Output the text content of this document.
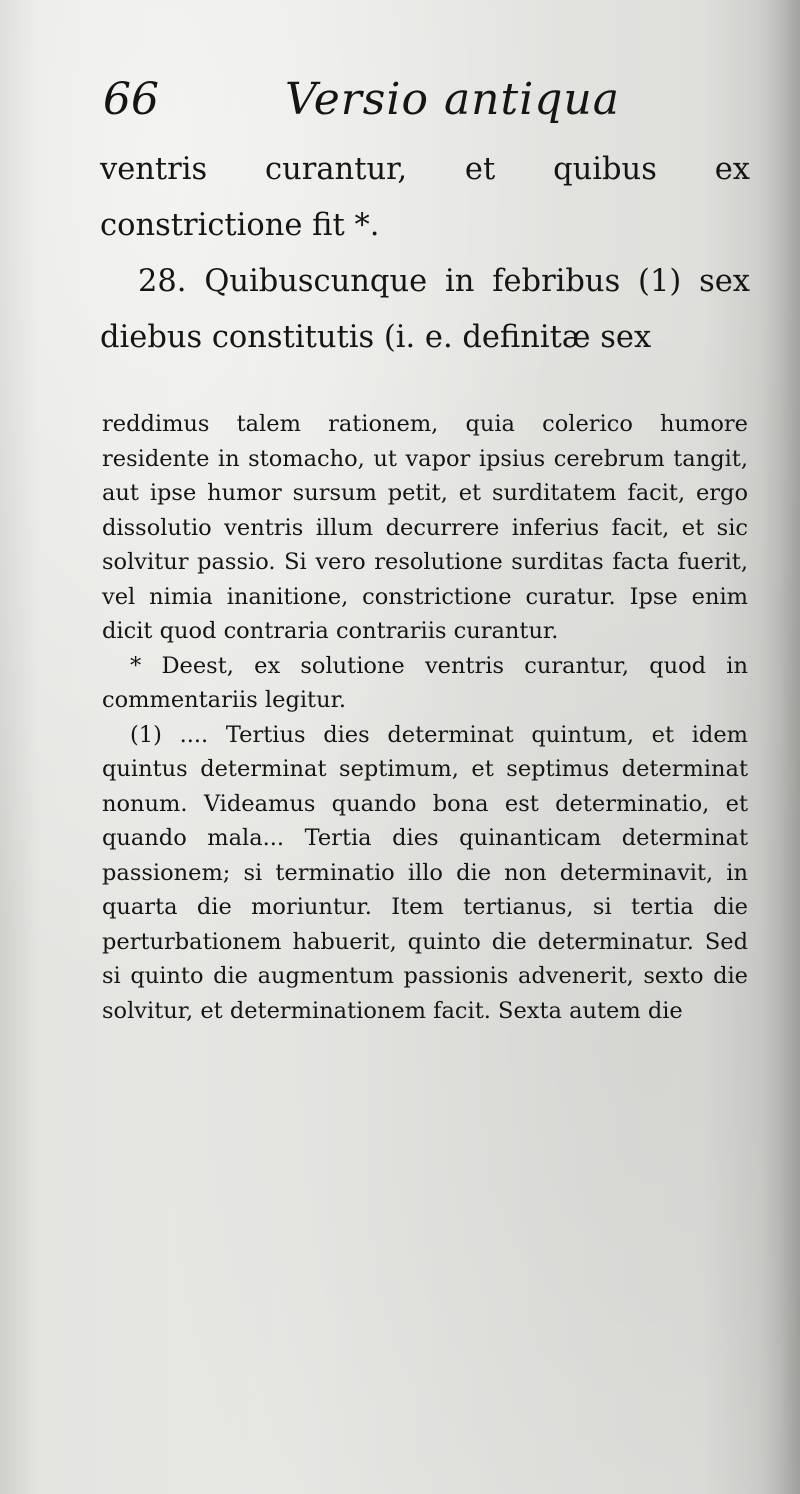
66	Versio antiqua

ventris curantur, et quibus ex constrictione fit *.

28. Quibuscunque in febribus (1) sex diebus constitutis (i. e. definitæ sex

reddimus talem rationem, quia colerico humore residente in stomacho, ut vapor ipsius cerebrum tangit, aut ipse humor sursum petit, et surditatem facit, ergo dissolutio ventris illum decurrere inferius facit, et sic solvitur passio. Si vero resolutione surditas facta fuerit, vel nimia inanitione, constrictione curatur. Ipse enim dicit quod contraria contrariis curantur.

* Deest, ex solutione ventris curantur, quod in commentariis legitur.

(1) .... Tertius dies determinat quintum, et idem quintus determinat septimum, et septimus determinat nonum. Videamus quando bona est determinatio, et quando mala... Tertia dies quinanticam determinat passionem; si terminatio illo die non determinavit, in quarta die moriuntur. Item tertianus, si tertia die perturbationem habuerit, quinto die determinatur. Sed si quinto die augmentum passionis advenerit, sexto die solvitur, et determinationem facit. Sexta autem die
